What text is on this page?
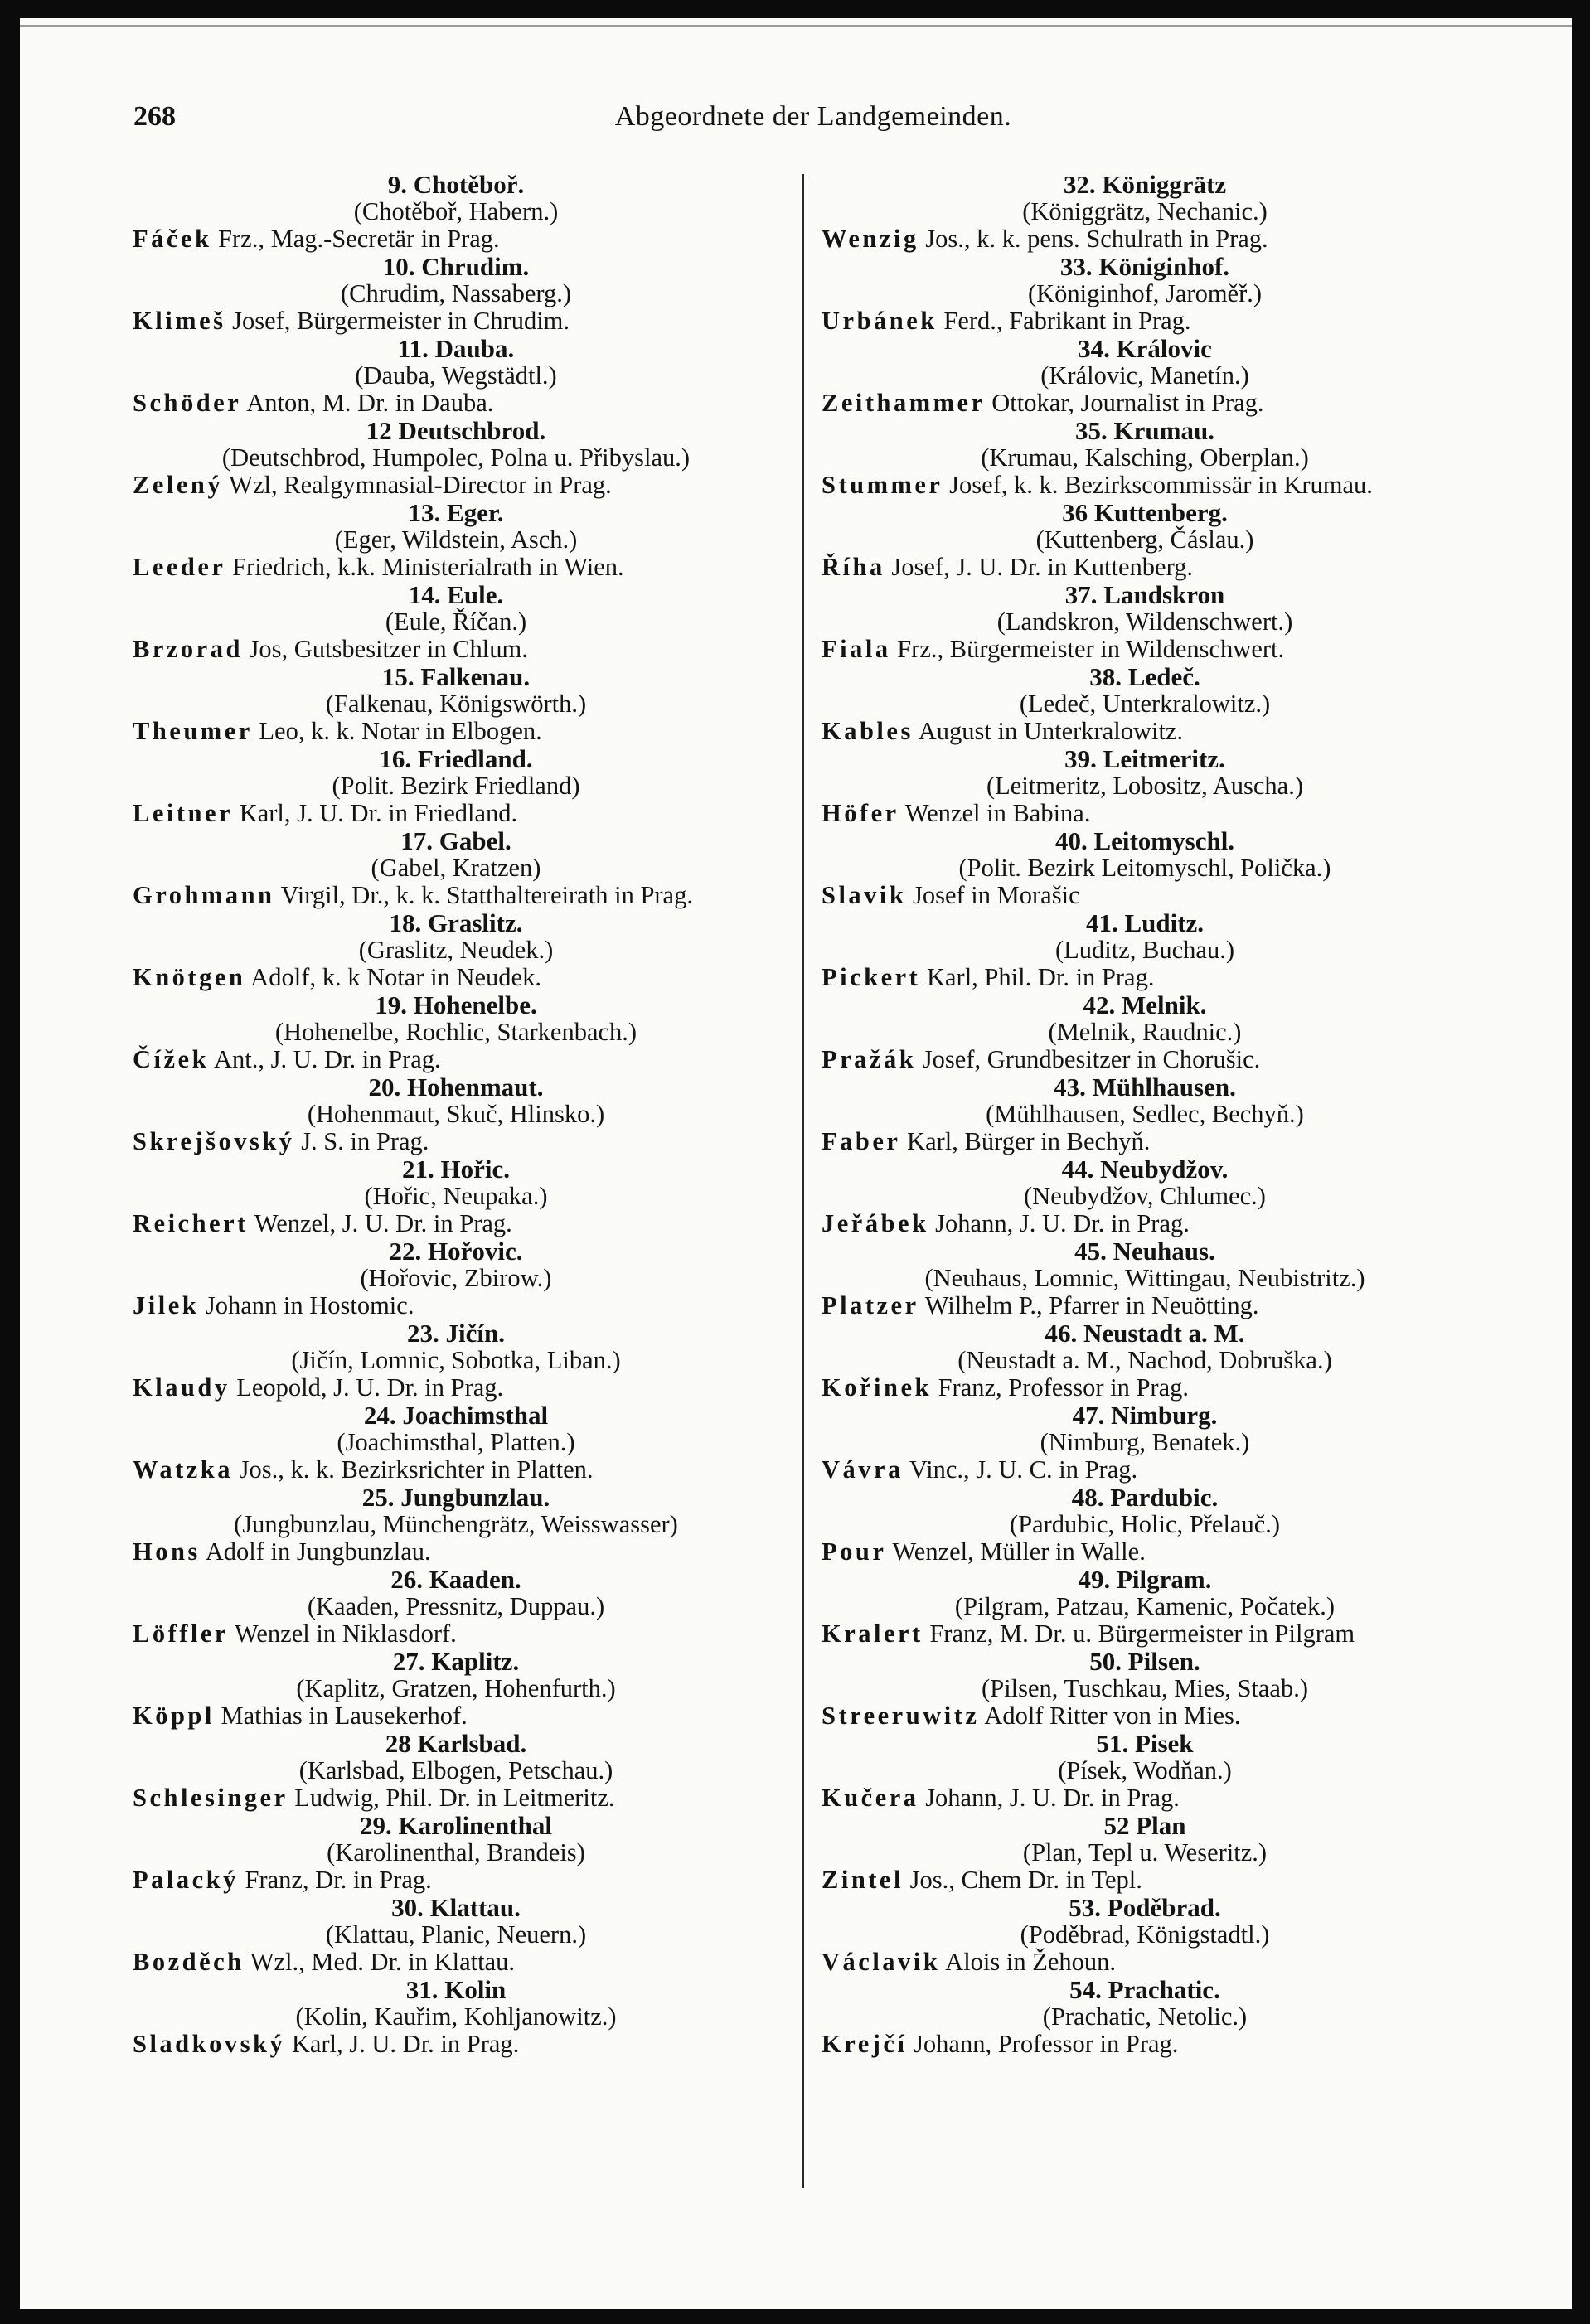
268	Abgeordnete der Landgemeinden.
9. Chotěboř.
(Chotěboř, Habern.)
Fáček Frz., Mag.-Secretär in Prag.
10. Chrudim.
(Chrudim, Nassaberg.)
Klimeš Josef, Bürgermeister in Chrudim.
11. Dauba.
(Dauba, Wegstädtl.)
Schöder Anton, M. Dr. in Dauba.
12 Deutschbrod.
(Deutschbrod, Humpolec, Polna u. Přibyslau.)
Zelený Wzl, Realgymnasial-Director in Prag.
13. Eger.
(Eger, Wildstein, Asch.)
Leeder Friedrich, k.k. Ministerialrath in Wien.
14. Eule.
(Eule, Říčan.)
Brzorad Jos, Gutsbesitzer in Chlum.
15. Falkenau.
(Falkenau, Königswörth.)
Theumer Leo, k. k. Notar in Elbogen.
16. Friedland.
(Polit. Bezirk Friedland)
Leitner Karl, J. U. Dr. in Friedland.
17. Gabel.
(Gabel, Kratzen)
Grohmann Virgil, Dr., k. k. Statthaltereirath in Prag.
18. Graslitz.
(Graslitz, Neudek.)
Knötgen Adolf, k. k Notar in Neudek.
19. Hohenelbe.
(Hohenelbe, Rochlic, Starkenbach.)
Čížek Ant., J. U. Dr. in Prag.
20. Hohenmaut.
(Hohenmaut, Skuč, Hlinsko.)
Skrejšovský J. S. in Prag.
21. Hořic.
(Hořic, Neupaka.)
Reichert Wenzel, J. U. Dr. in Prag.
22. Hořovic.
(Hořovic, Zbirow.)
Jilek Johann in Hostomic.
23. Jičín.
(Jičín, Lomnic, Sobotka, Liban.)
Klaudy Leopold, J. U. Dr. in Prag.
24. Joachimsthal
(Joachimsthal, Platten.)
Watzka Jos., k. k. Bezirksrichter in Platten.
25. Jungbunzlau.
(Jungbunzlau, Münchengrätz, Weisswasser)
Hons Adolf in Jungbunzlau.
26. Kaaden.
(Kaaden, Pressnitz, Duppau.)
Löffler Wenzel in Niklasdorf.
27. Kaplitz.
(Kaplitz, Gratzen, Hohenfurth.)
Köppl Mathias in Lausekerhof.
28 Karlsbad.
(Karlsbad, Elbogen, Petschau.)
Schlesinger Ludwig, Phil. Dr. in Leitmeritz.
29. Karolinenthal
(Karolinenthal, Brandeis)
Palacký Franz, Dr. in Prag.
30. Klattau.
(Klattau, Planic, Neuern.)
Bozděch Wzl., Med. Dr. in Klattau.
31. Kolin
(Kolin, Kauřim, Kohljanowitz.)
Sladkovský Karl, J. U. Dr. in Prag.
32. Königgrätz
(Königgrätz, Nechanic.)
Wenzig Jos., k. k. pens. Schulrath in Prag.
33. Königinhof.
(Königinhof, Jaroměř.)
Urbánek Ferd., Fabrikant in Prag.
34. Královic
(Královic, Manetín.)
Zeithammer Ottokar, Journalist in Prag.
35. Krumau.
(Krumau, Kalsching, Oberplan.)
Stummer Josef, k. k. Bezirkscommissär in Krumau.
36 Kuttenberg.
(Kuttenberg, Čáslau.)
Říha Josef, J. U. Dr. in Kuttenberg.
37. Landskron
(Landskron, Wildenschwert.)
Fiala Frz., Bürgermeister in Wildenschwert.
38. Ledeč.
(Ledeč, Unterkralowitz.)
Kables August in Unterkralowitz.
39. Leitmeritz.
(Leitmeritz, Lobositz, Auscha.)
Höfer Wenzel in Babina.
40. Leitomyschl.
(Polit. Bezirk Leitomyschl, Polička.)
Slavik Josef in Morašic
41. Luditz.
(Luditz, Buchau.)
Pickert Karl, Phil. Dr. in Prag.
42. Melnik.
(Melnik, Raudnic.)
Pražák Josef, Grundbesitzer in Chorušic.
43. Mühlhausen.
(Mühlhausen, Sedlec, Bechyň.)
Faber Karl, Bürger in Bechyň.
44. Neubydžov.
(Neubydžov, Chlumec.)
Jeřábek Johann, J. U. Dr. in Prag.
45. Neuhaus.
(Neuhaus, Lomnic, Wittingau, Neubistritz.)
Platzer Wilhelm P., Pfarrer in Neuötting.
46. Neustadt a. M.
(Neustadt a. M., Nachod, Dobruška.)
Kořinek Franz, Professor in Prag.
47. Nimburg.
(Nimburg, Benatek.)
Vávra Vinc., J. U. C. in Prag.
48. Pardubic.
(Pardubic, Holic, Přelauč.)
Pour Wenzel, Müller in Walle.
49. Pilgram.
(Pilgram, Patzau, Kamenic, Počatek.)
Kralert Franz, M. Dr. u. Bürgermeister in Pilgram
50. Pilsen.
(Pilsen, Tuschkau, Mies, Staab.)
Streeruwitz Adolf Ritter von in Mies.
51. Pisek
(Písek, Wodňan.)
Kučera Johann, J. U. Dr. in Prag.
52 Plan
(Plan, Tepl u. Weseritz.)
Zintel Jos., Chem Dr. in Tepl.
53. Poděbrad.
(Poděbrad, Königstadtl.)
Václavik Alois in Žehoun.
54. Prachatic.
(Prachatic, Netolic.)
Krejčí Johann, Professor in Prag.
